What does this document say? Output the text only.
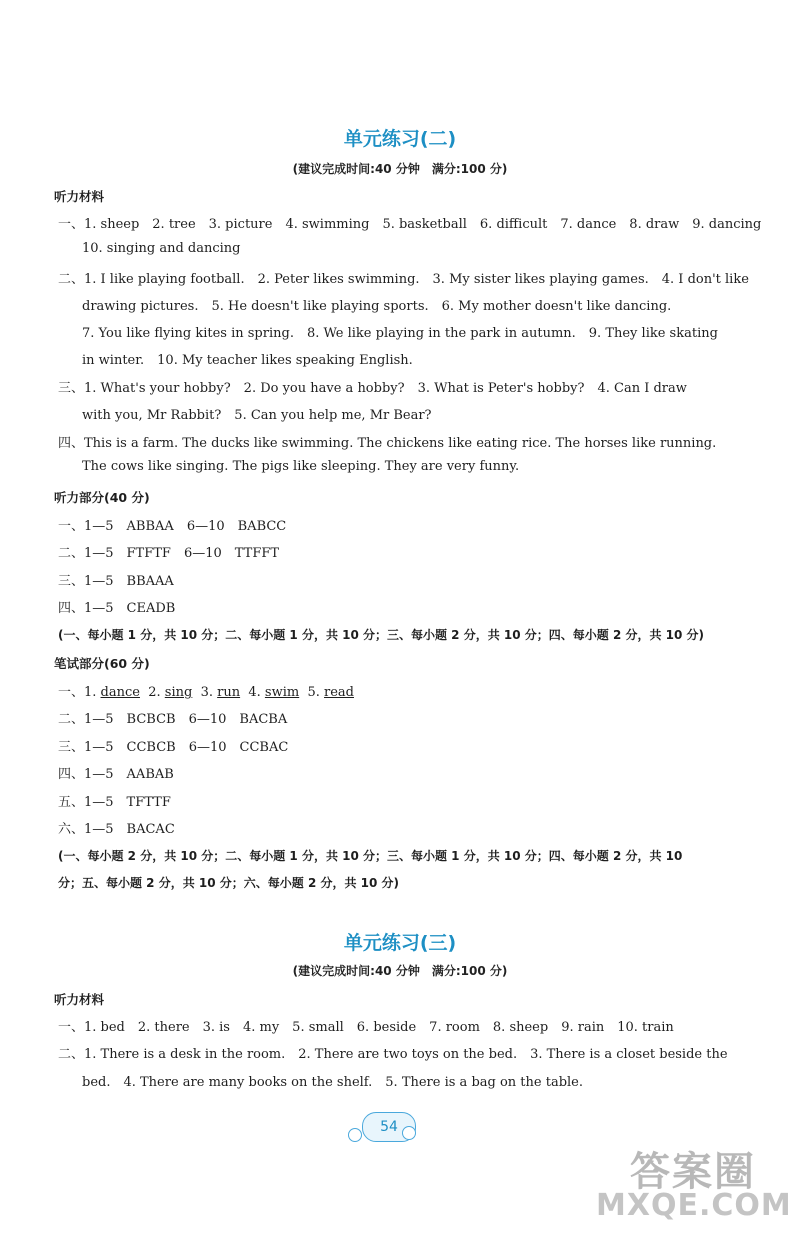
单元练习(二)
(建议完成时间:40 分钟　满分:100 分)
听力材料
一、1. sheep　2. tree　3. picture　4. swimming　5. basketball　6. difficult　7. dance　8. draw　9. dancing
10. singing and dancing
二、1. I like playing football.　2. Peter likes swimming.　3. My sister likes playing games.　4. I don't like
drawing pictures.　5. He doesn't like playing sports.　6. My mother doesn't like dancing.
7. You like flying kites in spring.　8. We like playing in the park in autumn.　9. They like skating
in winter.　10. My teacher likes speaking English.
三、1. What's your hobby?　2. Do you have a hobby?　3. What is Peter's hobby?　4. Can I draw
with you, Mr Rabbit?　5. Can you help me, Mr Bear?
四、This is a farm. The ducks like swimming. The chickens like eating rice. The horses like running.
The cows like singing. The pigs like sleeping. They are very funny.
听力部分(40 分)
一、1—5　ABBAA　6—10　BABCC
二、1—5　FTFTF　6—10　TTFFT
三、1—5　BBAAA
四、1—5　CEADB
(一、每小题 1 分，共 10 分；二、每小题 1 分，共 10 分；三、每小题 2 分，共 10 分；四、每小题 2 分，共 10 分)
笔试部分(60 分)
一、1. dance  2. sing  3. run  4. swim  5. read
二、1—5　BCBCB　6—10　BACBA
三、1—5　CCBCB　6—10　CCBAC
四、1—5　AABAB
五、1—5　TFTTF
六、1—5　BACAC
(一、每小题 2 分，共 10 分；二、每小题 1 分，共 10 分；三、每小题 1 分，共 10 分；四、每小题 2 分，共 10
分；五、每小题 2 分，共 10 分；六、每小题 2 分，共 10 分)
单元练习(三)
(建议完成时间:40 分钟　满分:100 分)
听力材料
一、1. bed　2. there　3. is　4. my　5. small　6. beside　7. room　8. sheep　9. rain　10. train
二、1. There is a desk in the room.　2. There are two toys on the bed.　3. There is a closet beside the
bed.　4. There are many books on the shelf.　5. There is a bag on the table.
54
答案圈
MXQE.COM
